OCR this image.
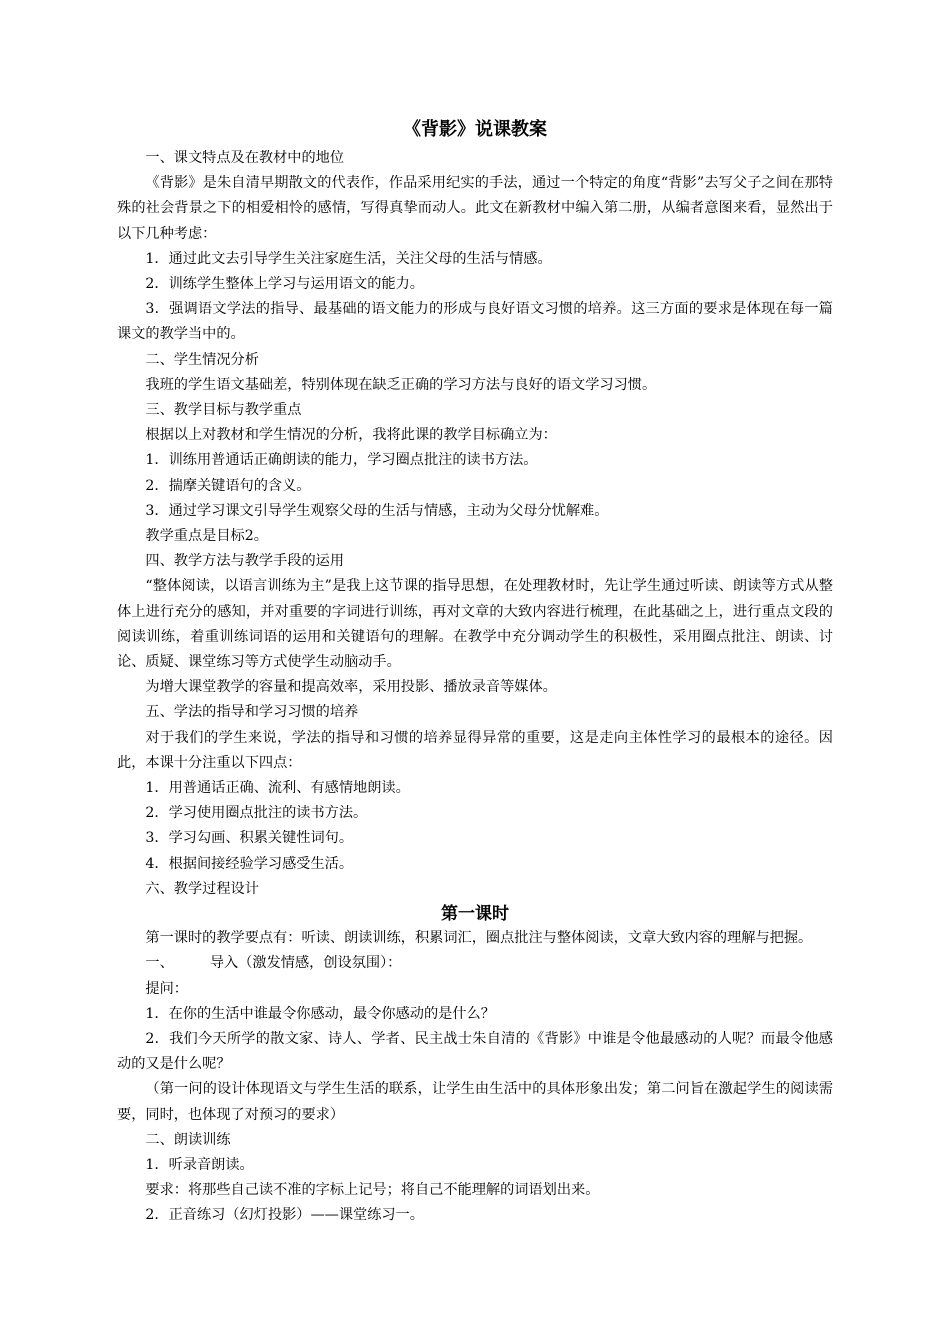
《背影》说课教案

一、课文特点及在教材中的地位

《背影》是朱自清早期散文的代表作，作品采用纪实的手法，通过一个特定的角度“背影”去写父子之间在那特殊的社会背景之下的相爱相怜的感情，写得真挚而动人。此文在新教材中编入第二册，从编者意图来看，显然出于以下几种考虑：

1．通过此文去引导学生关注家庭生活，关注父母的生活与情感。

2．训练学生整体上学习与运用语文的能力。

3．强调语文学法的指导、最基础的语文能力的形成与良好语文习惯的培养。这三方面的要求是体现在每一篇课文的教学当中的。

二、学生情况分析

我班的学生语文基础差，特别体现在缺乏正确的学习方法与良好的语文学习习惯。

三、教学目标与教学重点

根据以上对教材和学生情况的分析，我将此课的教学目标确立为：

1．训练用普通话正确朗读的能力，学习圈点批注的读书方法。

2．揣摩关键语句的含义。

3．通过学习课文引导学生观察父母的生活与情感，主动为父母分忧解难。

教学重点是目标2。

四、教学方法与教学手段的运用

“整体阅读，以语言训练为主”是我上这节课的指导思想，在处理教材时，先让学生通过听读、朗读等方式从整体上进行充分的感知，并对重要的字词进行训练，再对文章的大致内容进行梳理，在此基础之上，进行重点文段的阅读训练，着重训练词语的运用和关键语句的理解。在教学中充分调动学生的积极性，采用圈点批注、朗读、讨论、质疑、课堂练习等方式使学生动脑动手。

为增大课堂教学的容量和提高效率，采用投影、播放录音等媒体。

五、学法的指导和学习习惯的培养

对于我们的学生来说，学法的指导和习惯的培养显得异常的重要，这是走向主体性学习的最根本的途径。因此，本课十分注重以下四点：

1．用普通话正确、流利、有感情地朗读。

2．学习使用圈点批注的读书方法。

3．学习勾画、积累关键性词句。

4．根据间接经验学习感受生活。

六、教学过程设计

第一课时

第一课时的教学要点有：听读、朗读训练，积累词汇，圈点批注与整体阅读，文章大致内容的理解与把握。

一、        导入（激发情感，创设氛围）：

提问：

1．在你的生活中谁最令你感动，最令你感动的是什么？

2．我们今天所学的散文家、诗人、学者、民主战士朱自清的《背影》中谁是令他最感动的人呢？而最令他感动的又是什么呢？

（第一问的设计体现语文与学生生活的联系，让学生由生活中的具体形象出发；第二问旨在激起学生的阅读需要，同时，也体现了对预习的要求）

二、朗读训练

1．听录音朗读。

要求：将那些自己读不准的字标上记号；将自己不能理解的词语划出来。

2．正音练习（幻灯投影）——课堂练习一。
